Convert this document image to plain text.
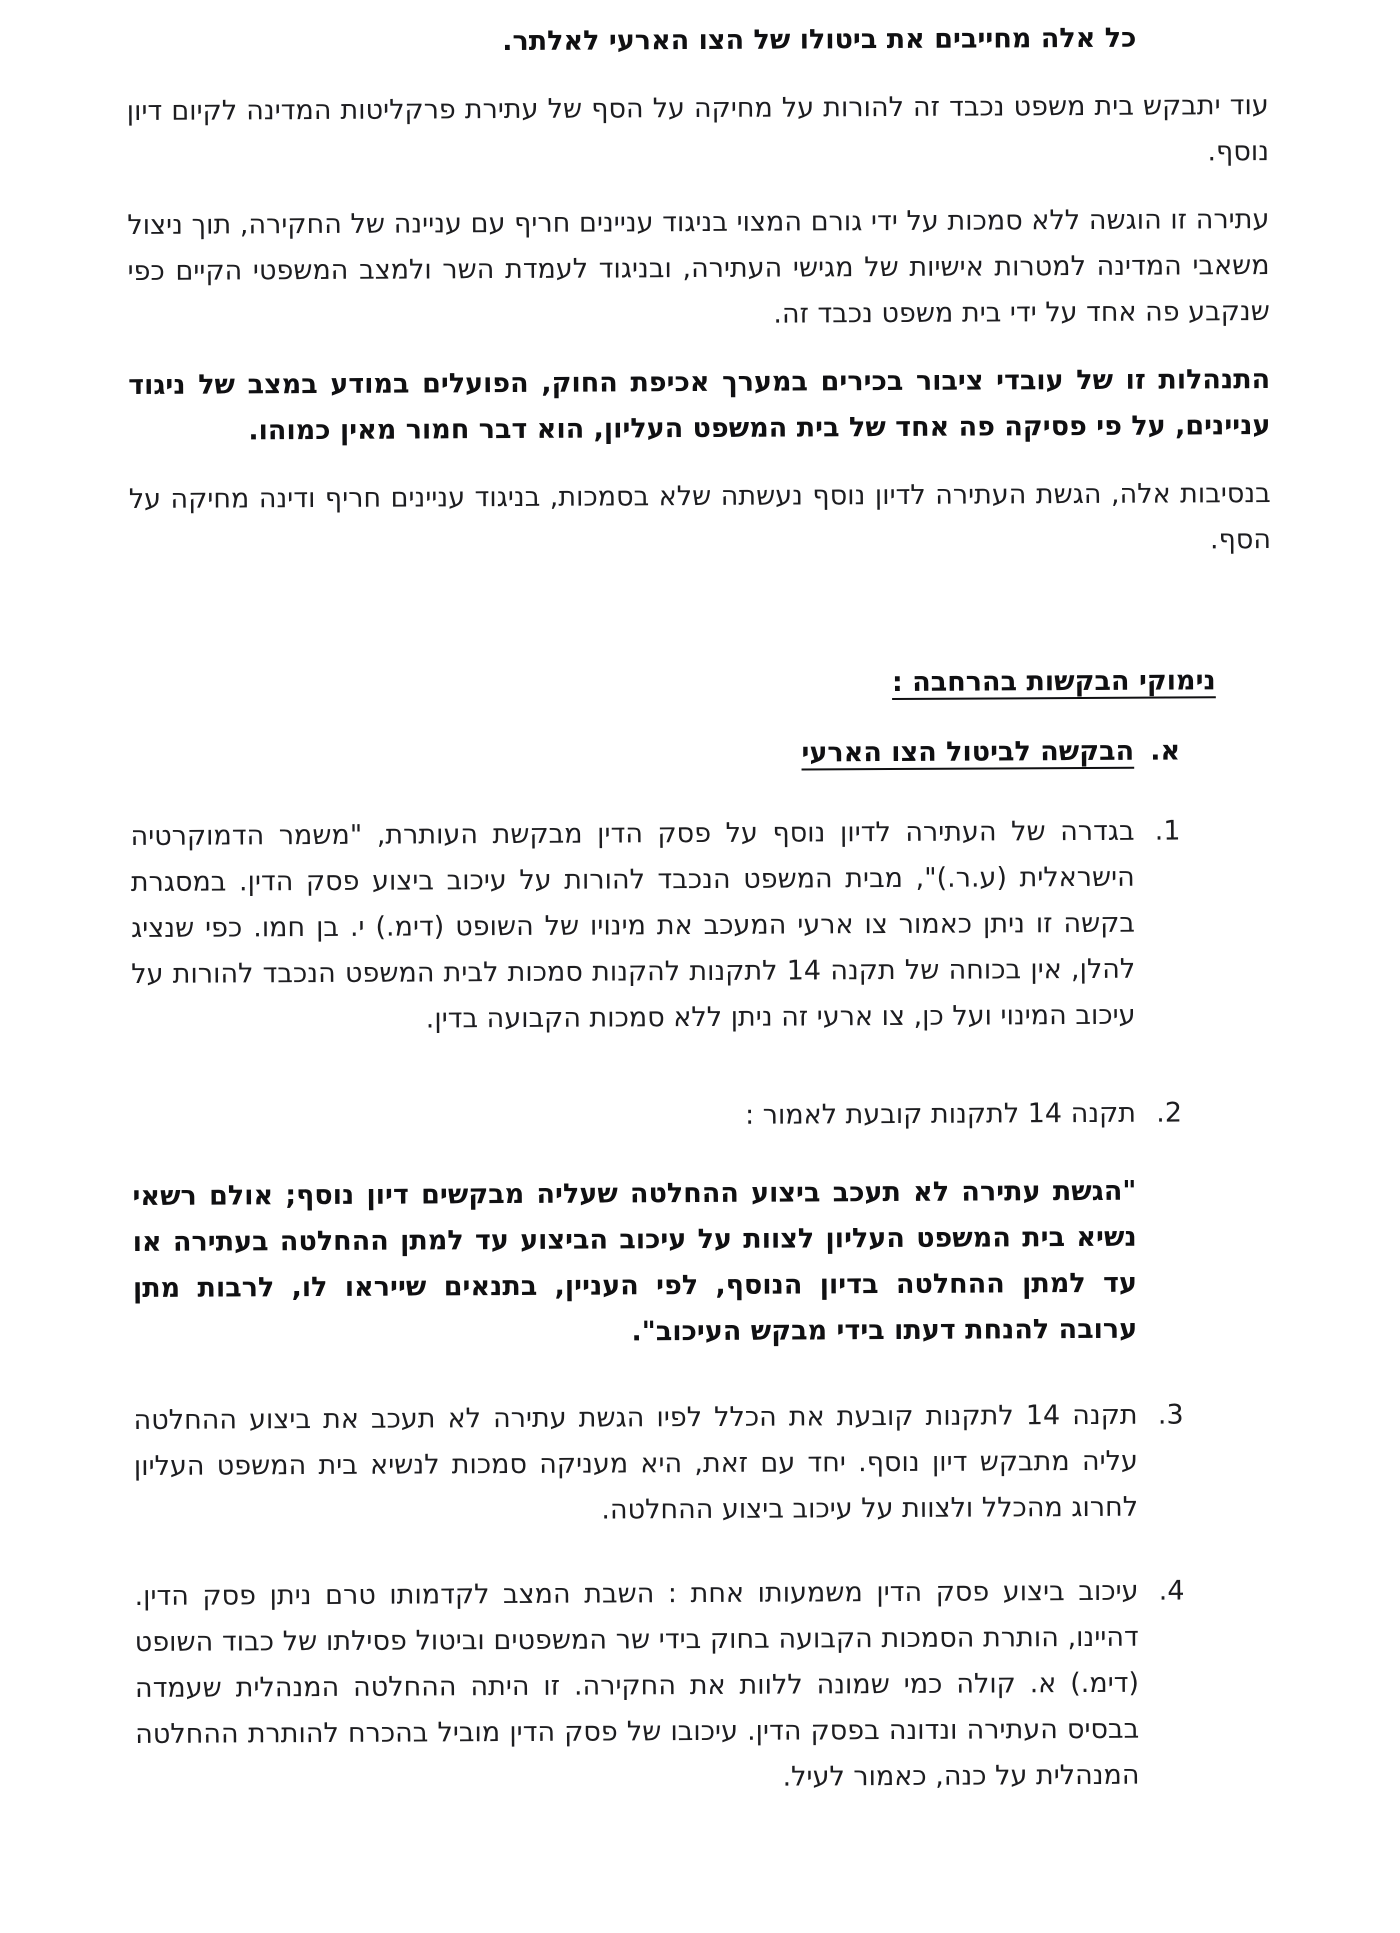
כל אלה מחייבים את ביטולו של הצו הארעי לאלתר.

עוד יתבקש בית משפט נכבד זה להורות על מחיקה על הסף של עתירת פרקליטות המדינה לקיום דיון נוסף.

עתירה זו הוגשה ללא סמכות על ידי גורם המצוי בניגוד עניינים חריף עם עניינה של החקירה, תוך ניצול משאבי המדינה למטרות אישיות של מגישי העתירה, ובניגוד לעמדת השר ולמצב המשפטי הקיים כפי שנקבע פה אחד על ידי בית משפט נכבד זה.

התנהלות זו של עובדי ציבור בכירים במערך אכיפת החוק, הפועלים במודע במצב של ניגוד עניינים, על פי פסיקה פה אחד של בית המשפט העליון, הוא דבר חמור מאין כמוהו.

בנסיבות אלה, הגשת העתירה לדיון נוסף נעשתה שלא בסמכות, בניגוד עניינים חריף ודינה מחיקה על הסף.

נימוקי הבקשות בהרחבה :

א.
הבקשה לביטול הצו הארעי
1.
בגדרה של העתירה לדיון נוסף על פסק הדין מבקשת העותרת, "משמר הדמוקרטיה הישראלית (ע.ר.)", מבית המשפט הנכבד להורות על עיכוב ביצוע פסק הדין. במסגרת בקשה זו ניתן כאמור צו ארעי המעכב את מינויו של השופט (דימ.) י. בן חמו. כפי שנציג להלן, אין בכוחה של תקנה 14 לתקנות להקנות סמכות לבית המשפט הנכבד להורות על עיכוב המינוי ועל כן, צו ארעי זה ניתן ללא סמכות הקבועה בדין.
2.
תקנה 14 לתקנות קובעת לאמור :

"הגשת עתירה לא תעכב ביצוע ההחלטה שעליה מבקשים דיון נוסף; אולם רשאי נשיא בית המשפט העליון לצוות על עיכוב הביצוע עד למתן ההחלטה בעתירה או עד למתן ההחלטה בדיון הנוסף, לפי העניין, בתנאים שייראו לו, לרבות מתן ערובה להנחת דעתו בידי מבקש העיכוב".

3.
תקנה 14 לתקנות קובעת את הכלל לפיו הגשת עתירה לא תעכב את ביצוע ההחלטה עליה מתבקש דיון נוסף. יחד עם זאת, היא מעניקה סמכות לנשיא בית המשפט העליון לחרוג מהכלל ולצוות על עיכוב ביצוע ההחלטה.
4.
עיכוב ביצוע פסק הדין משמעותו אחת : השבת המצב לקדמותו טרם ניתן פסק הדין. דהיינו, הותרת הסמכות הקבועה בחוק בידי שר המשפטים וביטול פסילתו של כבוד השופט (דימ.) א. קולה כמי שמונה ללוות את החקירה. זו היתה ההחלטה המנהלית שעמדה בבסיס העתירה ונדונה בפסק הדין. עיכובו של פסק הדין מוביל בהכרח להותרת ההחלטה המנהלית על כנה, כאמור לעיל.
